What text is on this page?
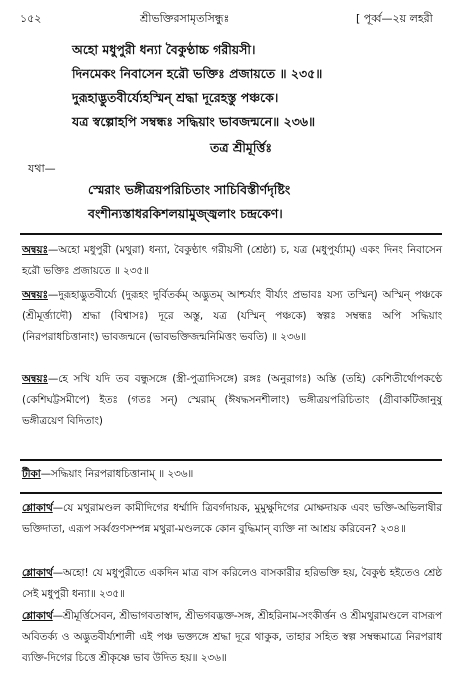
১৫২	শ্রীভক্তিরসামৃতসিন্ধুঃ	[ পূর্ব্ব—২য় লহরী
অহো মধুপুরী ধন্যা বৈকুণ্ঠাচ্চ গরীয়সী।
দিনমেকং নিবাসেন হরৌ ভক্তিঃ প্রজায়তে ॥ ২৩৫॥
দুরূহাদ্ভুতবীর্য্যেহস্মিন্ শ্রদ্ধা দূরেহস্তু পঞ্চকে।
যত্র স্বল্পোহপি সম্বন্ধঃ সদ্ধিয়াং ভাবজন্মনে॥ ২৩৬॥
তত্র শ্রীমূর্ত্তিঃ
যথা—
স্মেরাং ভঙ্গীত্রয়পরিচিতাং সাচিবিস্তীর্ণদৃষ্টিং
বংশীন্যস্তাধরকিশলয়ামুজ্জ্বলাং চন্দ্রকেণ।
অন্বয়ঃ—অহো মধুপুরী (মথুরা) ধন্যা, বৈকুণ্ঠাৎ গরীয়সী (শ্রেষ্ঠা) চ, যত্র (মধুপুর্য্যাম্) একং দিনং নিবাসেন হরৌ ভক্তিঃ প্রজায়তে ॥ ২৩৫॥
অন্বয়ঃ—দুরূহাদ্ভুতবীর্য্যে (দুরূহং দুর্বিতর্কম্ অদ্ভুতম্ আশ্চর্য্যং বীর্য্যং প্রভাবঃ যস্য তস্মিন্) অস্মিন্ পঞ্চকে (শ্রীমূর্ত্ত্যাদৌ) শ্রদ্ধা (বিশ্বাসঃ) দূরে অস্তু, যত্র (যস্মিন্ পঞ্চকে) স্বল্পঃ সম্বন্ধঃ অপি সদ্ধিয়াং (নিরপরাধচিত্তানাং) ভাবজন্মনে (ভাবভক্তিজন্মনিমিত্তং ভবতি) ॥ ২৩৬॥
অন্বয়ঃ—হে সখি যদি তব বন্ধুসঙ্গে (স্ত্রী-পুত্রাদিসঙ্গে) রঙ্গঃ (অনুরাগঃ) অস্তি (তহি) কেশিতীর্থোপকণ্ঠে (কেশিঘট্টসমীপে) ইতঃ (গতঃ সন্) স্মেরাম্ (ঈষদ্ধসনশীলাং) ভঙ্গীত্রয়পরিচিতাং (গ্রীবাকটিজানুষু ভঙ্গীত্রয়েণ বিদিতাং)
টীকা—সদ্ধিয়াং নিরপরাধচিত্তানাম্ ॥ ২৩৬॥
শ্লোকার্থ—যে মথুরামণ্ডল কামীদিগের ধর্ম্মাদি ত্রিবর্গদায়ক, মুমুক্ষুদিগের মোক্ষদায়ক এবং ভক্তি-অভিলাষীর ভক্তিদাতা, এরূপ সর্ব্বগুণসম্পন্ন মথুরা-মণ্ডলকে কোন বুদ্ধিমান্ ব্যক্তি না আশ্রয় করিবেন? ২৩৪॥
শ্লোকার্থ—অহো! যে মধুপুরীতে একদিন মাত্র বাস করিলেও বাসকারীর হরিভক্তি হয়, বৈকুণ্ঠ হইতেও শ্রেষ্ঠ সেই মধুপুরী ধন্যা॥ ২৩৫॥
শ্লোকার্থ—শ্রীমূর্ত্তিসেবন, শ্রীভাগবতাস্বাদ, শ্রীভগবদ্ভক্ত-সঙ্গ, শ্রীহরিনাম-সংকীর্ত্তন ও শ্রীমথুরামণ্ডলে বাসরূপ অবিতর্ক্য ও অদ্ভুতবীর্য্যশালী এই পঞ্চ ভক্ত্যঙ্গে শ্রদ্ধা দূরে থাকুক, তাহার সহিত স্বল্প সম্বন্ধমাত্রে নিরপরাধ ব্যক্তি-দিগের চিত্তে শ্রীকৃষ্ণে ভাব উদিত হয়॥ ২৩৬॥
